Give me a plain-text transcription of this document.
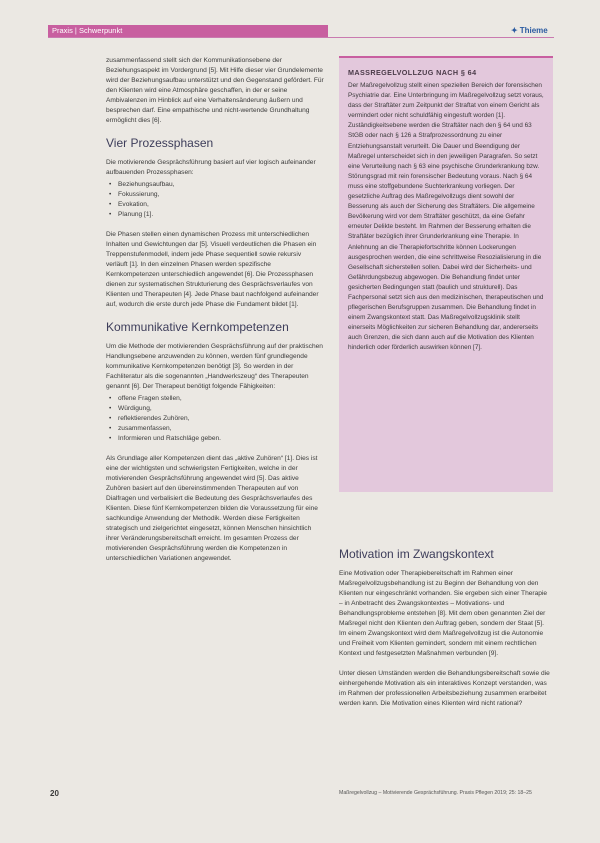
Praxis | Schwerpunkt	✦ Thieme

zusammenfassend stellt sich der Kommunikationsebene der Beziehungsaspekt im Vordergrund [5]. Mit Hilfe dieser vier Grundelemente wird der Beziehungsaufbau unterstützt und den Gegenstand gefördert. Für den Klienten wird eine Atmosphäre geschaffen, in der er seine Ambivalenzen im Hinblick auf eine Verhaltensänderung äußern und besprechen darf. Eine empathische und nicht-wertende Grundhaltung ermöglicht dies [6].

Vier Prozessphasen

Die motivierende Gesprächsführung basiert auf vier logisch aufeinander aufbauenden Prozessphasen:

• Beziehungsaufbau,
• Fokussierung,
• Evokation,
• Planung [1].

Die Phasen stellen einen dynamischen Prozess mit unterschiedlichen Inhalten und Gewichtungen dar [5]. Visuell verdeutlichen die Phasen ein Treppenstufenmodell, indem jede Phase sequentiell sowie rekursiv verläuft [1]. In den einzelnen Phasen werden spezifische Kernkompetenzen unterschiedlich angewendet [6]. Die Prozessphasen dienen zur systematischen Strukturierung des Gesprächsverlaufes von Klienten und Therapeuten [4]. Jede Phase baut nachfolgend aufeinander auf, wodurch die erste durch jede Phase die Fundament bildet [1].

Kommunikative Kernkompetenzen

Um die Methode der motivierenden Gesprächsführung auf der praktischen Handlungsebene anzuwenden zu können, werden fünf grundlegende kommunikative Kernkompetenzen benötigt [3]. So werden in der Fachliteratur als die sogenannten „Handwerkszeug“ des Therapeuten genannt [6]. Der Therapeut benötigt folgende Fähigkeiten:

• offene Fragen stellen,
• Würdigung,
• reflektierendes Zuhören,
• zusammenfassen,
• Informieren und Ratschläge geben.

Als Grundlage aller Kompetenzen dient das „aktive Zuhören“ [1]. Dies ist eine der wichtigsten und schwierigsten Fertigkeiten, welche in der motivierenden Gesprächsführung angewendet wird [5]. Das aktive Zuhören basiert auf den übereinstimmenden Therapeuten auf von Dialfragen und verbalisiert die Bedeutung des Gesprächsverlaufes des Klienten. Diese fünf Kernkompetenzen bilden die Voraussetzung für eine sachkundige Anwendung der Methodik. Werden diese Fertigkeiten strategisch und zielgerichtet eingesetzt, können Menschen hinsichtlich ihrer Veränderungsbereitschaft erreicht. Im gesamten Prozess der motivierenden Gesprächsführung werden die Kompetenzen in unterschiedlichen Variationen angewendet.

MASSREGELVOLLZUG NACH § 64

Der Maßregelvollzug stellt einen speziellen Bereich der forensischen Psychiatrie dar. Eine Unterbringung im Maßregelvollzug setzt voraus, dass der Straftäter zum Zeitpunkt der Straftat von einem Gericht als vermindert oder nicht schuldfähig eingestuft worden [1]. Zuständigkeitsebene werden die Straftäter nach den § 64 und 63 StGB oder nach § 126 a Strafprozessordnung zu einer Entziehungsanstalt verurteilt. Die Dauer und Beendigung der Maßregel unterscheidet sich in den jeweiligen Paragrafen. So setzt eine Verurteilung nach § 63 eine psychische Grunderkrankung bzw. Störungsgrad mit rein forensischer Bedeutung voraus. Nach § 64 muss eine stoffgebundene Suchterkrankung vorliegen. Der gesetzliche Auftrag des Maßregelvollzugs dient sowohl der Besserung als auch der Sicherung des Straftäters. Die allgemeine Bevölkerung wird vor dem Straftäter geschützt, da eine Gefahr erneuter Delikte besteht. Im Rahmen der Besserung erhalten die Straftäter bezüglich ihrer Grunderkrankung eine Therapie. In Anlehnung an die Therapiefortschritte können Lockerungen ausgesprochen werden, die eine schrittweise Resozialisierung in die Gesellschaft sicherstellen sollen. Dabei wird der Sicherheits- und Gefährdungsbezug abgewogen. Die Behandlung findet unter gesicherten Bedingungen statt (baulich und strukturell). Das Fachpersonal setzt sich aus den medizinischen, therapeutischen und pflegerischen Berufsgruppen zusammen. Die Behandlung findet in einem Zwangskontext statt. Das Maßregelvollzugsklinik stellt einerseits Möglichkeiten zur sicheren Behandlung dar, andererseits auch Grenzen, die sich dann auch auf die Motivation des Klienten hinderlich oder förderlich auswirken können [7].

Motivation im Zwangskontext

Eine Motivation oder Therapiebereitschaft im Rahmen einer Maßregelvollzugsbehandlung ist zu Beginn der Behandlung von den Klienten nur eingeschränkt vorhanden. Sie ergeben sich einer Therapie – in Anbetracht des Zwangskontextes – Motivations- und Behandlungsprobleme entstehen [8]. Mit dem oben genannten Ziel der Maßregel nicht den Klienten den Auftrag geben, sondern der Staat [5]. Im einem Zwangskontext wird dem Maßregelvollzug ist die Autonomie und Freiheit vom Klienten gemindert, sondern mit einem rechtlichen Kontext und festgesetzten Maßnahmen verbunden [9].

Unter diesen Umständen werden die Behandlungsbereitschaft sowie die einhergehende Motivation als ein interaktives Konzept verstanden, was im Rahmen der professionellen Arbeitsbeziehung zusammen erarbeitet werden kann. Die Motivation eines Klienten wird nicht rational?

20	Maßregelvollzug – Motivierende Gesprächsführung. Praxis Pflegen 2019; 25: 18–25
